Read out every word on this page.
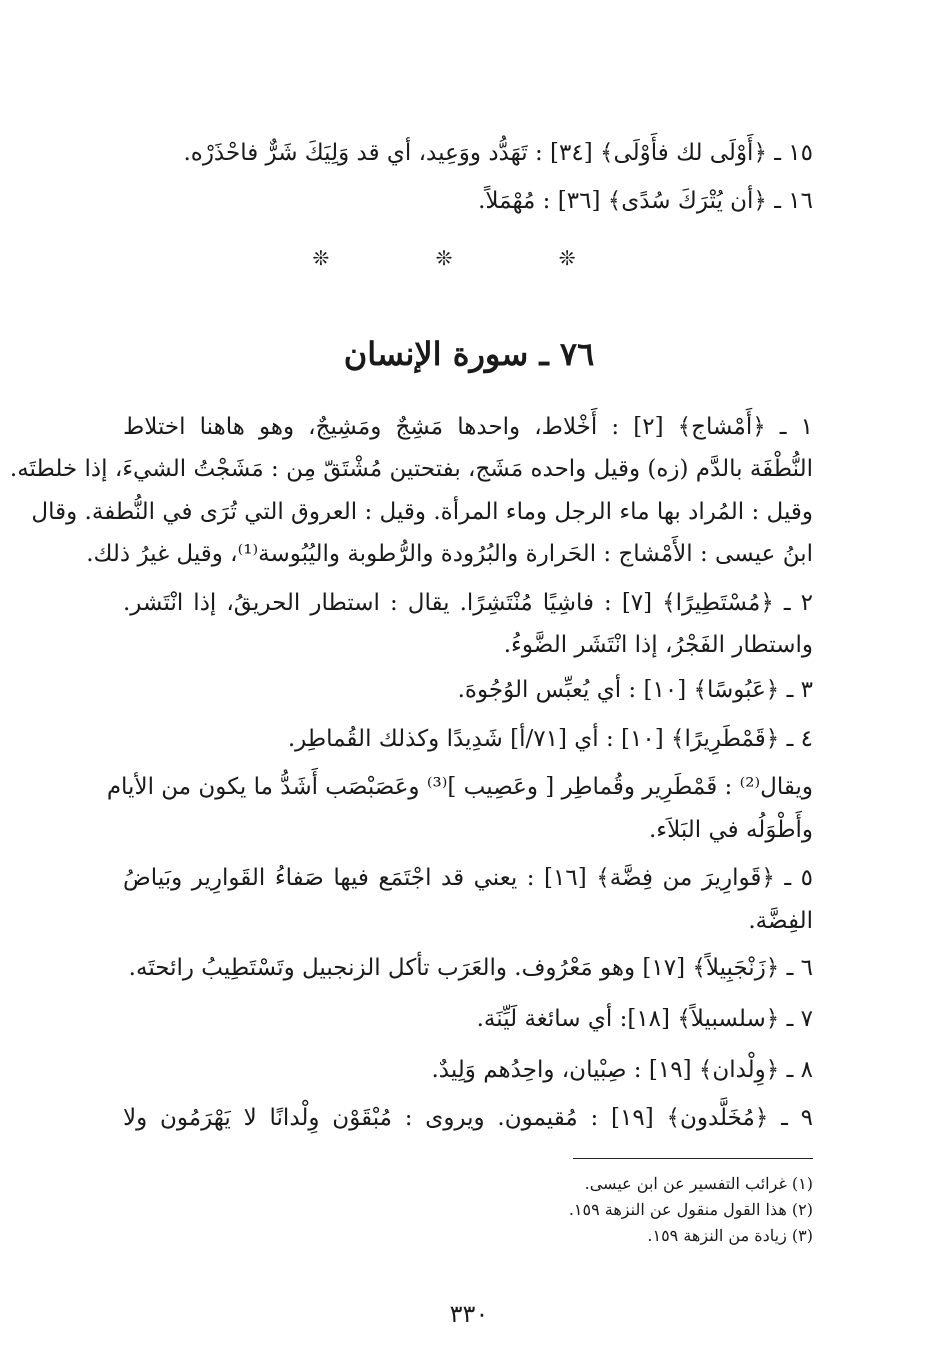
١٥ ـ ﴿أَوْلَى لك فأَوْلَى﴾ [٣٤] : تَهَدُّد ووَعِيد، أي قد وَلِيَكَ شَرٌّ فاحْذَرْه.
١٦ ـ ﴿أن يُتْرَكَ سُدًى﴾ [٣٦] : مُهْمَلاً.
❊ ❊ ❊
٧٦ ـ سورة الإنسان
١ ـ ﴿أَمْشاج﴾ [٢] : أَخْلاط، واحدها مَشِجٌ ومَشِيجٌ، وهو هاهنا اختلاط
النُّطْفَة بالدَّم (زه) وقيل واحده مَشَج، بفتحتين مُشْتَقّ مِن : مَشَجْتُ الشيءَ، إذا خلطتَه.
وقيل : المُراد بها ماء الرجل وماء المرأة. وقيل : العروق التي تُرَى في النُّطفة. وقال
ابنُ عيسى : الأَمْشاج : الحَرارة والبُرُودة والرُّطوبة واليُبُوسة⁽¹⁾، وقيل غيرُ ذلك.
٢ ـ ﴿مُسْتَطِيرًا﴾ [٧] : فاشِيًا مُنْتَشِرًا. يقال : استطار الحريقُ، إذا انْتَشر.
واستطار الفَجْرُ، إذا انْتَشَر الضَّوءُ.
٣ ـ ﴿عَبُوسًا﴾ [١٠] : أي يُعبِّس الوُجُوهَ.
٤ ـ ﴿قَمْطَرِيرًا﴾ [١٠] : أي [٧١/أ] شَدِيدًا وكذلك القُماطِر.
ويقال⁽²⁾ : قَمْطَرِير وقُماطِر [ وعَصِيب ]⁽³⁾ وعَصَبْصَب أَشَدُّ ما يكون من الأيام
وأَطْوَلُه في البَلاَء.
٥ ـ ﴿قَوارِيرَ من فِضَّة﴾ [١٦] : يعني قد اجْتَمَع فيها صَفاءُ القَوارِير وبَياضُ
الفِضَّة.
٦ ـ ﴿زَنْجَبِيلاً﴾ [١٧] وهو مَعْرُوف. والعَرَب تأكل الزنجبيل وتَسْتَطِيبُ رائحتَه.
٧ ـ ﴿سلسبيلاً﴾ [١٨]: أي سائغة لَيِّنَة.
٨ ـ ﴿وِلْدان﴾ [١٩] : صِبْيان، واحِدُهم وَلِيدٌ.
٩ ـ ﴿مُخَلَّدون﴾ [١٩] : مُقيمون. ويروى : مُبْقَوْن وِلْدانًا لا يَهْرَمُون ولا
(١) غرائب التفسير عن ابن عيسى.
(٢) هذا القول منقول عن النزهة ١٥٩.
(٣) زيادة من النزهة ١٥٩.
٣٣٠
